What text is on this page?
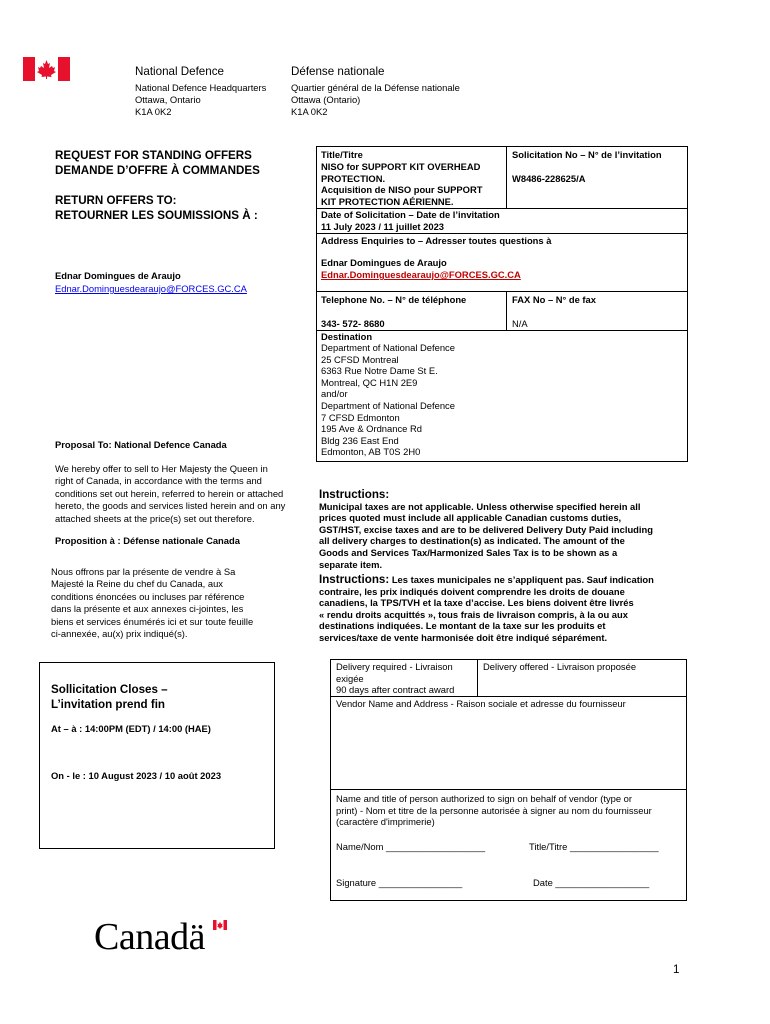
National Defence
National Defence Headquarters
Ottawa, Ontario
K1A 0K2
Défense nationale
Quartier général de la Défense nationale
Ottawa (Ontario)
K1A 0K2
REQUEST FOR STANDING OFFERS
DEMANDE D’OFFRE À COMMANDES
RETURN OFFERS TO:
RETOURNER LES SOUMISSIONS À :
Ednar Domingues de Araujo
Ednar.Dominguesdearaujo@FORCES.GC.CA
Proposal To: National Defence Canada
We hereby offer to sell to Her Majesty the Queen in
right of Canada, in accordance with the terms and
conditions set out herein, referred to herein or attached
hereto, the goods and services listed herein and on any
attached sheets at the price(s) set out therefore.
Proposition à : Défense nationale Canada
Nous offrons par la présente de vendre à Sa
Majesté la Reine du chef du Canada, aux
conditions énoncées ou incluses par référence
dans la présente et aux annexes ci-jointes, les
biens et services énumérés ici et sur toute feuille
ci-annexée, au(x) prix indiqué(s).
Sollicitation Closes –
L’invitation prend fin
At – à : 14:00PM (EDT) / 14:00 (HAE)
On - le : 10 August 2023 / 10 août 2023
Title/Titre
NISO for SUPPORT KIT OVERHEAD
PROTECTION.
Acquisition de NISO pour SUPPORT
KIT PROTECTION AÉRIENNE.
Solicitation No – N° de l’invitation
W8486-228625/A
Date of Solicitation – Date de l’invitation
11 July 2023 / 11 juillet 2023
Address Enquiries to – Adresser toutes questions à
Ednar Domingues de Araujo
Ednar.Dominguesdearaujo@FORCES.GC.CA
Telephone No. – N° de téléphone
343- 572- 8680
FAX No – N° de fax
N/A
Destination
Department of National Defence
25 CFSD Montreal
6363 Rue Notre Dame St E.
Montreal, QC H1N 2E9
and/or
Department of National Defence
7 CFSD Edmonton
195 Ave & Ordnance Rd
Bldg 236 East End
Edmonton, AB T0S 2H0
Instructions:
Municipal taxes are not applicable. Unless otherwise specified herein all
prices quoted must include all applicable Canadian customs duties,
GST/HST, excise taxes and are to be delivered Delivery Duty Paid including
all delivery charges to destination(s) as indicated. The amount of the
Goods and Services Tax/Harmonized Sales Tax is to be shown as a
separate item.
Instructions: Les taxes municipales ne s’appliquent pas. Sauf indication
contraire, les prix indiqués doivent comprendre les droits de douane
canadiens, la TPS/TVH et la taxe d’accise. Les biens doivent être livrés
« rendu droits acquittés », tous frais de livraison compris, à la ou aux
destinations indiquées. Le montant de la taxe sur les produits et
services/taxe de vente harmonisée doit être indiqué séparément.
Delivery required - Livraison
exigée
90 days after contract award
Delivery offered - Livraison proposée
Vendor Name and Address - Raison sociale et adresse du fournisseur
Name and title of person authorized to sign on behalf of vendor (type or
print) - Nom et titre de la personne autorisée à signer au nom du fournisseur
(caractère d'imprimerie)
Name/Nom ___________________	Title/Titre _________________
Signature ________________	Date __________________
Canadä
1
